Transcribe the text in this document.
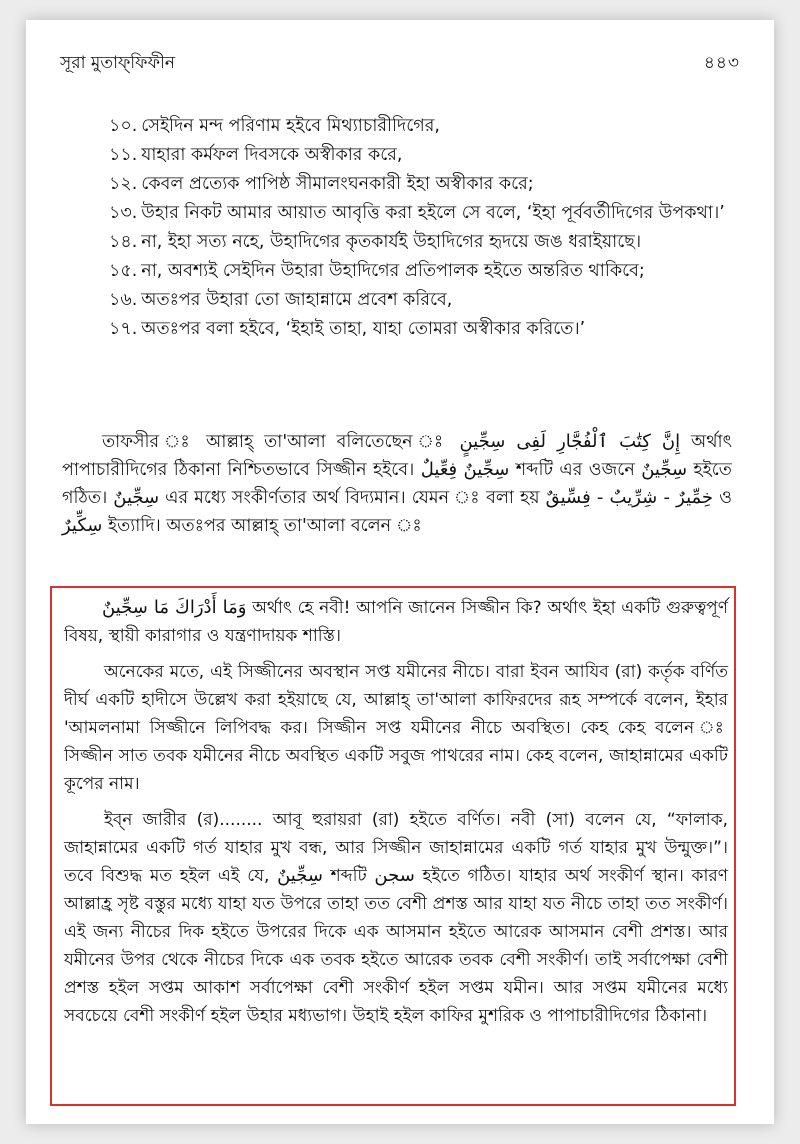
সূরা মুতাফ্‌ফিফীন	৪৪৩

১০. সেইদিন মন্দ পরিণাম হইবে মিথ্যাচারীদিগের,

১১. যাহারা কর্মফল দিবসকে অস্বীকার করে,

১২. কেবল প্রত্যেক পাপিষ্ঠ সীমালংঘনকারী ইহা অস্বীকার করে;

১৩. উহার নিকট আমার আয়াত আবৃত্তি করা হইলে সে বলে, ‘ইহা পূর্ববর্তীদিগের উপকথা।’

১৪. না, ইহা সত্য নহে, উহাদিগের কৃতকার্যই উহাদিগের হৃদয়ে জঙ ধরাইয়াছে।

১৫. না, অবশ্যই সেইদিন উহারা উহাদিগের প্রতিপালক হইতে অন্তরিত থাকিবে;

১৬. অতঃপর উহারা তো জাহান্নামে প্রবেশ করিবে,

১৭. অতঃপর বলা হইবে, ‘ইহাই তাহা, যাহা তোমরা অস্বীকার করিতে।’

তাফসীর ঃ আল্লাহ্ তা'আলা বলিতেছেন ঃ إِنَّ كِتَٰبَ ٱلْفُجَّارِ لَفِى سِجِّينٍ অর্থাৎ পাপাচারীদিগের ঠিকানা নিশ্চিতভাবে সিজ্জীন হইবে। فِعِّيلٌ سِجِّينٌ শব্দটি এর ওজনে سِجِّينٌ হইতে গঠিত। سِجِّينٌ এর মধ্যে সংকীর্ণতার অর্থ বিদ্যমান। যেমন ঃ বলা হয় خِمِّيرٌ - شِرِّيبٌ - فِسِّيقٌ ও سِكِّيرٌ ইত্যাদি। অতঃপর আল্লাহ্ তা'আলা বলেন ঃ

وَمَا أَدْرَاكَ مَا سِجِّينٌ অর্থাৎ হে নবী! আপনি জানেন সিজ্জীন কি? অর্থাৎ ইহা একটি গুরুত্বপূর্ণ বিষয়, স্থায়ী কারাগার ও যন্ত্রণাদায়ক শাস্তি।

অনেকের মতে, এই সিজ্জীনের অবস্থান সপ্ত যমীনের নীচে। বারা ইবন আযিব (রা) কর্তৃক বর্ণিত দীর্ঘ একটি হাদীসে উল্লেখ করা হইয়াছে যে, আল্লাহ্ তা'আলা কাফিরদের রূহ সম্পর্কে বলেন, ইহার 'আমলনামা সিজ্জীনে লিপিবদ্ধ কর। সিজ্জীন সপ্ত যমীনের নীচে অবস্থিত। কেহ কেহ বলেন ঃ সিজ্জীন সাত তবক যমীনের নীচে অবস্থিত একটি সবুজ পাথরের নাম। কেহ বলেন, জাহান্নামের একটি কূপের নাম।

ইব্ন জারীর (র)........ আবূ হুরায়রা (রা) হইতে বর্ণিত। নবী (সা) বলেন যে, “ফালাক, জাহান্নামের একটি গর্ত যাহার মুখ বন্ধ, আর সিজ্জীন জাহান্নামের একটি গর্ত যাহার মুখ উন্মুক্ত।”। তবে বিশুদ্ধ মত হইল এই যে, سِجِّينٌ শব্দটি سجن হইতে গঠিত। যাহার অর্থ সংকীর্ণ স্থান। কারণ আল্লাহ্র সৃষ্ট বস্তুর মধ্যে যাহা যত উপরে তাহা তত বেশী প্রশস্ত আর যাহা যত নীচে তাহা তত সংকীর্ণ। এই জন্য নীচের দিক হইতে উপরের দিকে এক আসমান হইতে আরেক আসমান বেশী প্রশস্ত। আর যমীনের উপর থেকে নীচের দিকে এক তবক হইতে আরেক তবক বেশী সংকীর্ণ। তাই সর্বাপেক্ষা বেশী প্রশস্ত হইল সপ্তম আকাশ সর্বাপেক্ষা বেশী সংকীর্ণ হইল সপ্তম যমীন। আর সপ্তম যমীনের মধ্যে সবচেয়ে বেশী সংকীর্ণ হইল উহার মধ্যভাগ। উহাই হইল কাফির মুশরিক ও পাপাচারীদিগের ঠিকানা।
